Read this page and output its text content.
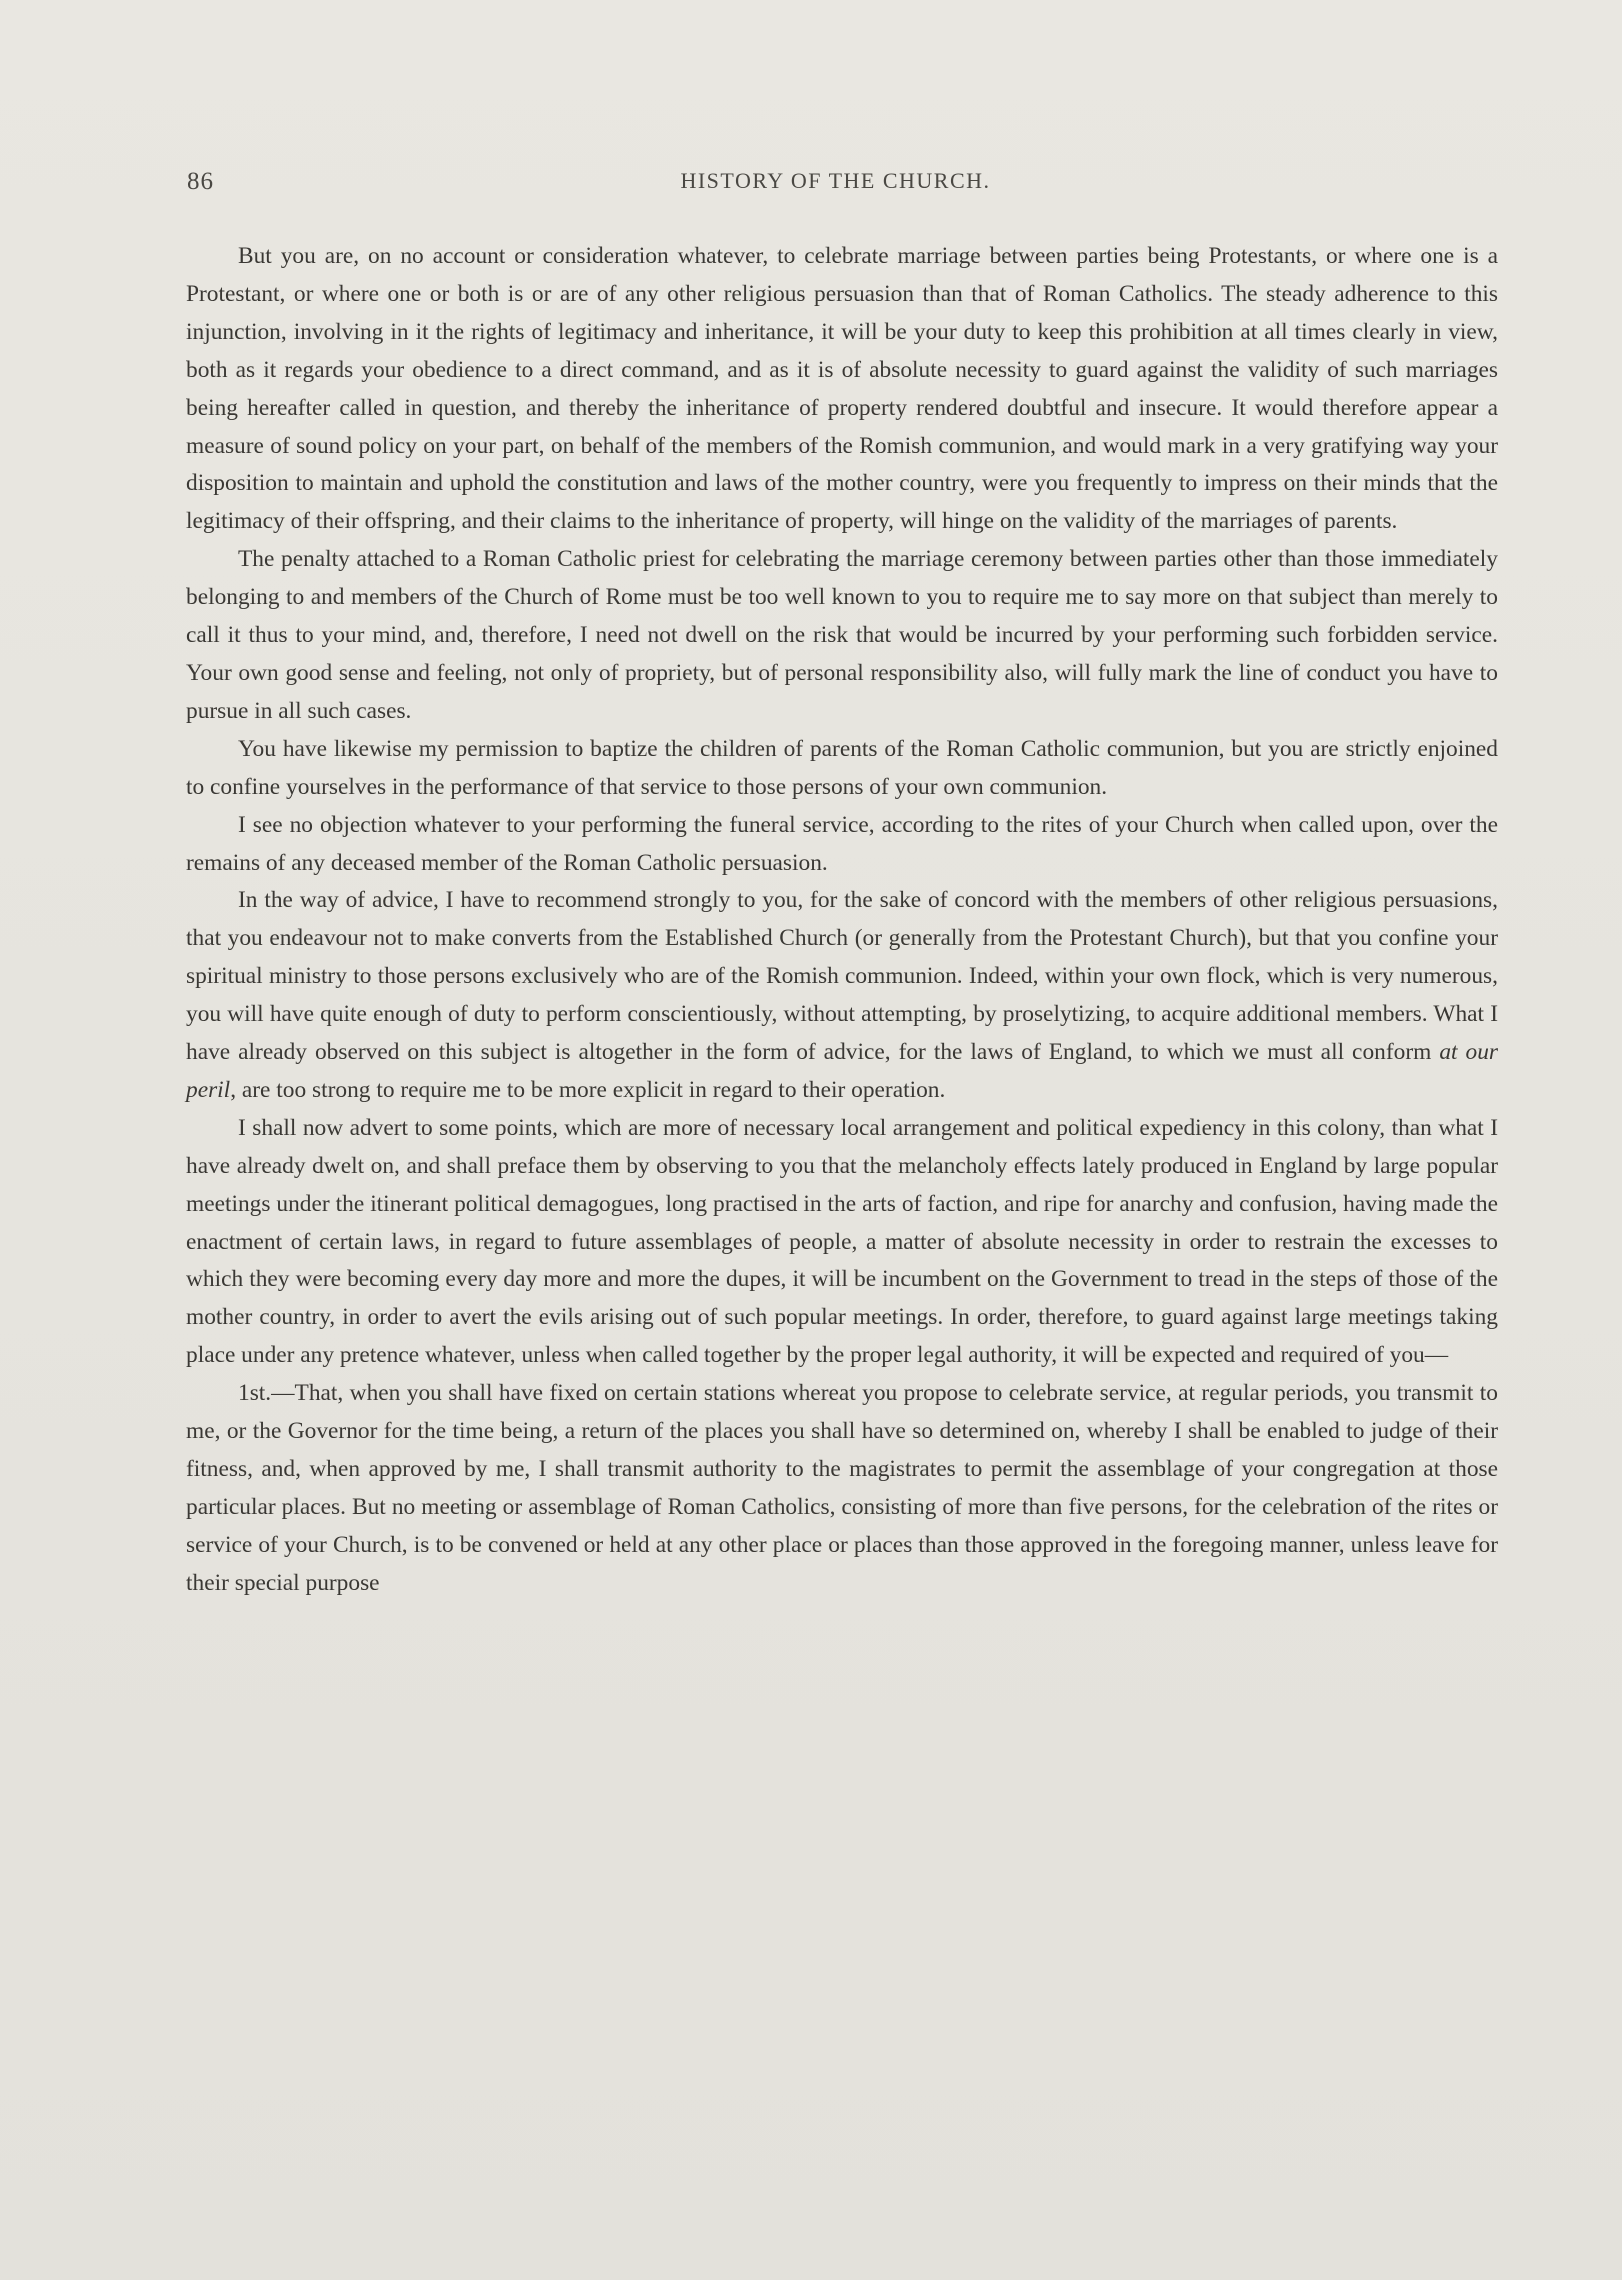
86	HISTORY OF THE CHURCH.

But you are, on no account or consideration whatever, to celebrate marriage between parties being Protestants, or where one is a Protestant, or where one or both is or are of any other religious persuasion than that of Roman Catholics. The steady adherence to this injunction, involving in it the rights of legitimacy and inheritance, it will be your duty to keep this prohibition at all times clearly in view, both as it regards your obedience to a direct command, and as it is of absolute necessity to guard against the validity of such marriages being hereafter called in question, and thereby the inheritance of property rendered doubtful and insecure. It would therefore appear a measure of sound policy on your part, on behalf of the members of the Romish communion, and would mark in a very gratifying way your disposition to maintain and uphold the constitution and laws of the mother country, were you frequently to impress on their minds that the legitimacy of their offspring, and their claims to the inheritance of property, will hinge on the validity of the marriages of parents.

The penalty attached to a Roman Catholic priest for celebrating the marriage ceremony between parties other than those immediately belonging to and members of the Church of Rome must be too well known to you to require me to say more on that subject than merely to call it thus to your mind, and, therefore, I need not dwell on the risk that would be incurred by your performing such forbidden service. Your own good sense and feeling, not only of propriety, but of personal responsibility also, will fully mark the line of conduct you have to pursue in all such cases.

You have likewise my permission to baptize the children of parents of the Roman Catholic communion, but you are strictly enjoined to confine yourselves in the performance of that service to those persons of your own communion.

I see no objection whatever to your performing the funeral service, according to the rites of your Church when called upon, over the remains of any deceased member of the Roman Catholic persuasion.

In the way of advice, I have to recommend strongly to you, for the sake of concord with the members of other religious persuasions, that you endeavour not to make converts from the Established Church (or generally from the Protestant Church), but that you confine your spiritual ministry to those persons exclusively who are of the Romish communion. Indeed, within your own flock, which is very numerous, you will have quite enough of duty to perform conscientiously, without attempting, by proselytizing, to acquire additional members. What I have already observed on this subject is altogether in the form of advice, for the laws of England, to which we must all conform at our peril, are too strong to require me to be more explicit in regard to their operation.

I shall now advert to some points, which are more of necessary local arrangement and political expediency in this colony, than what I have already dwelt on, and shall preface them by observing to you that the melancholy effects lately produced in England by large popular meetings under the itinerant political demagogues, long practised in the arts of faction, and ripe for anarchy and confusion, having made the enactment of certain laws, in regard to future assemblages of people, a matter of absolute necessity in order to restrain the excesses to which they were becoming every day more and more the dupes, it will be incumbent on the Government to tread in the steps of those of the mother country, in order to avert the evils arising out of such popular meetings. In order, therefore, to guard against large meetings taking place under any pretence whatever, unless when called together by the proper legal authority, it will be expected and required of you—

1st.—That, when you shall have fixed on certain stations whereat you propose to celebrate service, at regular periods, you transmit to me, or the Governor for the time being, a return of the places you shall have so determined on, whereby I shall be enabled to judge of their fitness, and, when approved by me, I shall transmit authority to the magistrates to permit the assemblage of your congregation at those particular places. But no meeting or assemblage of Roman Catholics, consisting of more than five persons, for the celebration of the rites or service of your Church, is to be convened or held at any other place or places than those approved in the foregoing manner, unless leave for their special purpose
